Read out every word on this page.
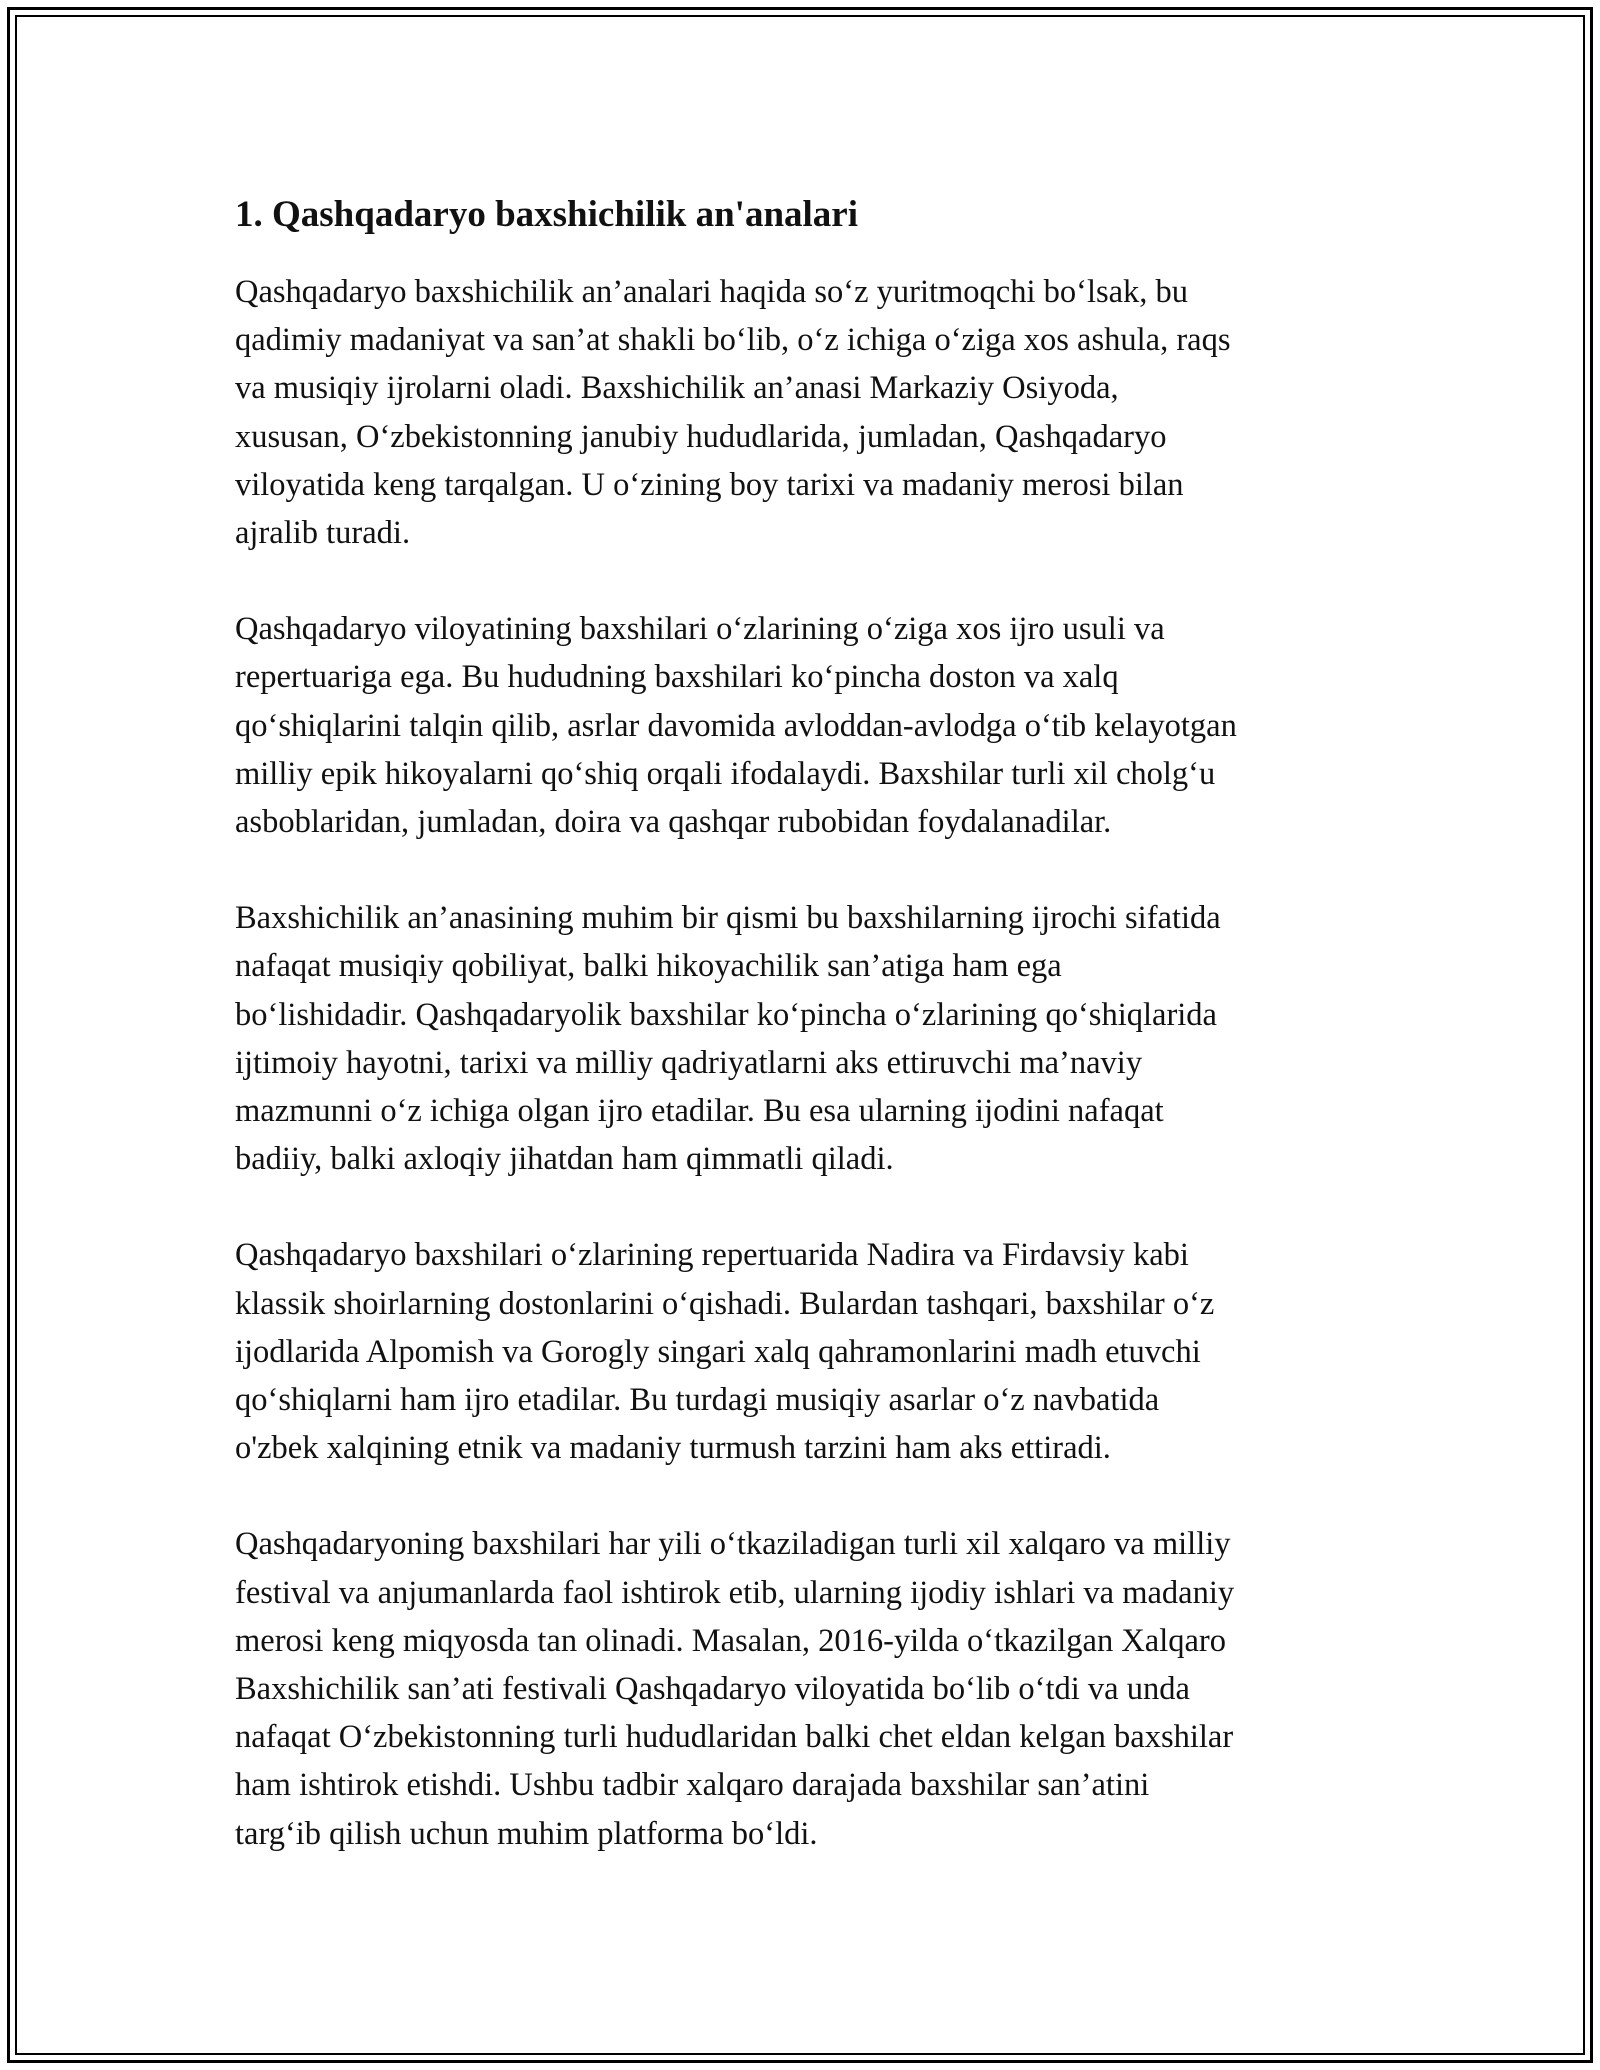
1. Qashqadaryo baxshichilik an'analari

Qashqadaryo baxshichilik an’analari haqida so‘z yuritmoqchi bo‘lsak, bu
qadimiy madaniyat va san’at shakli bo‘lib, o‘z ichiga o‘ziga xos ashula, raqs
va musiqiy ijrolarni oladi. Baxshichilik an’anasi Markaziy Osiyoda,
xususan, O‘zbekistonning janubiy hududlarida, jumladan, Qashqadaryo
viloyatida keng tarqalgan. U o‘zining boy tarixi va madaniy merosi bilan
ajralib turadi.

Qashqadaryo viloyatining baxshilari o‘zlarining o‘ziga xos ijro usuli va
repertuariga ega. Bu hududning baxshilari ko‘pincha doston va xalq
qo‘shiqlarini talqin qilib, asrlar davomida avloddan-avlodga o‘tib kelayotgan
milliy epik hikoyalarni qo‘shiq orqali ifodalaydi. Baxshilar turli xil cholg‘u
asboblaridan, jumladan, doira va qashqar rubobidan foydalanadilar.

Baxshichilik an’anasining muhim bir qismi bu baxshilarning ijrochi sifatida
nafaqat musiqiy qobiliyat, balki hikoyachilik san’atiga ham ega
bo‘lishidadir. Qashqadaryolik baxshilar ko‘pincha o‘zlarining qo‘shiqlarida
ijtimoiy hayotni, tarixi va milliy qadriyatlarni aks ettiruvchi ma’naviy
mazmunni o‘z ichiga olgan ijro etadilar. Bu esa ularning ijodini nafaqat
badiiy, balki axloqiy jihatdan ham qimmatli qiladi.

Qashqadaryo baxshilari o‘zlarining repertuarida Nadira va Firdavsiy kabi
klassik shoirlarning dostonlarini o‘qishadi. Bulardan tashqari, baxshilar o‘z
ijodlarida Alpomish va Gorogly singari xalq qahramonlarini madh etuvchi
qo‘shiqlarni ham ijro etadilar. Bu turdagi musiqiy asarlar o‘z navbatida
o'zbek xalqining etnik va madaniy turmush tarzini ham aks ettiradi.

Qashqadaryoning baxshilari har yili o‘tkaziladigan turli xil xalqaro va milliy
festival va anjumanlarda faol ishtirok etib, ularning ijodiy ishlari va madaniy
merosi keng miqyosda tan olinadi. Masalan, 2016-yilda o‘tkazilgan Xalqaro
Baxshichilik san’ati festivali Qashqadaryo viloyatida bo‘lib o‘tdi va unda
nafaqat O‘zbekistonning turli hududlaridan balki chet eldan kelgan baxshilar
ham ishtirok etishdi. Ushbu tadbir xalqaro darajada baxshilar san’atini
targ‘ib qilish uchun muhim platforma bo‘ldi.
